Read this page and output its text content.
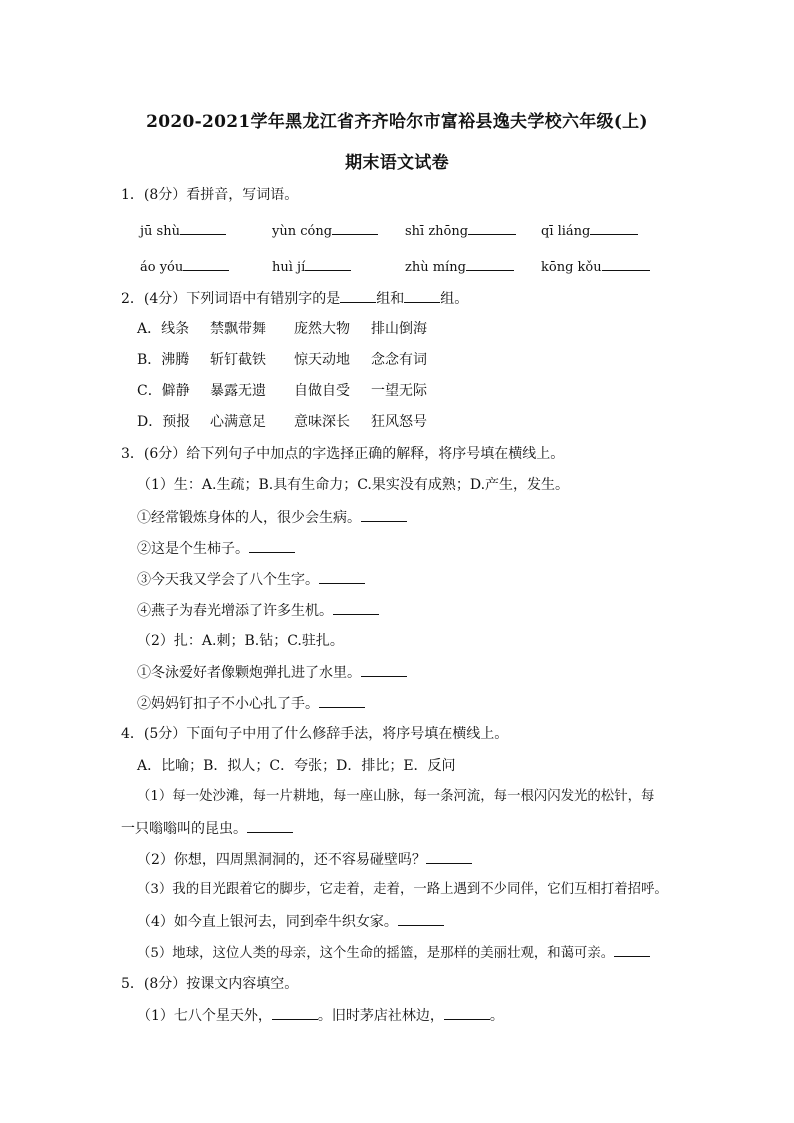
2020-2021学年黑龙江省齐齐哈尔市富裕县逸夫学校六年级(上)
期末语文试卷
1．(8分）看拼音，写词语。
jū shù	yùn cóng	shī zhōng	qī liáng
áo yóu	huì jí	zhù míng	kōng kǒu
2．(4分）下列词语中有错别字的是	组和	组。
A．线条 禁飘带舞 庞然大物 排山倒海
B．沸腾 斩钉截铁 惊天动地 念念有词
C．僻静 暴露无遗 自做自受 一望无际
D．预报 心满意足 意味深长 狂风怒号
3．(6分）给下列句子中加点的字选择正确的解释，将序号填在横线上。
（1）生：A.生疏；B.具有生命力；C.果实没有成熟；D.产生，发生。
①经常锻炼身体的人，很少会生病。
②这是个生柿子。
③今天我又学会了八个生字。
④燕子为春光增添了许多生机。
（2）扎：A.刺；B.钻；C.驻扎。
①冬泳爱好者像颗炮弹扎进了水里。
②妈妈钉扣子不小心扎了手。
4．(5分）下面句子中用了什么修辞手法，将序号填在横线上。
A．比喻；B．拟人；C．夸张；D．排比；E．反问
（1）每一处沙滩，每一片耕地，每一座山脉，每一条河流，每一根闪闪发光的松针，每
一只嗡嗡叫的昆虫。
（2）你想，四周黑洞洞的，还不容易碰壁吗？
（3）我的目光跟着它的脚步，它走着，走着，一路上遇到不少同伴，它们互相打着招呼。
（4）如今直上银河去，同到牵牛织女家。
（5）地球，这位人类的母亲，这个生命的摇篮，是那样的美丽壮观，和蔼可亲。
5．(8分）按课文内容填空。
（1）七八个星天外，	。旧时茅店社林边，	。
